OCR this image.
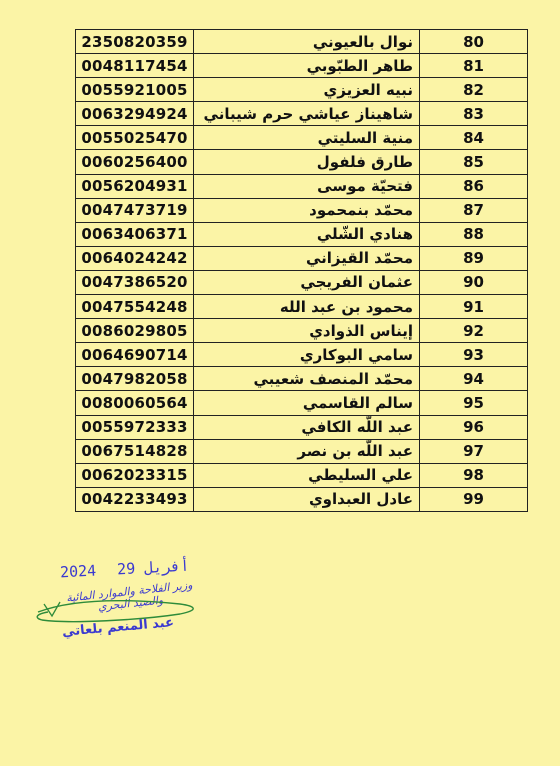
2350820359	نوال بالعيوني	80
0048117454	طاهر الطبّوبي	81
0055921005	نبيه العزيزي	82
0063294924	شاهيناز عياشي حرم شيباني	83
0055025470	منية السليتي	84
0060256400	طارق فلفول	85
0056204931	فتحيّة موسى	86
0047473719	محمّد بنمحمود	87
0063406371	هنادي الشّلي	88
0064024242	محمّد القيزاني	89
0047386520	عثمان الفريجي	90
0047554248	محمود بن عبد الله	91
0086029805	إيناس الذوادي	92
0064690714	سامي البوكاري	93
0047982058	محمّد المنصف شعيبي	94
0080060564	سالم القاسمي	95
0055972333	عبد اللّه الكافي	96
0067514828	عبد اللّه بن نصر	97
0062023315	علي السليطي	98
0042233493	عادل العبداوي	99
2024	أفريل 29
وزير الفلاحة والموارد المائية والصيد البحري
عبد المنعم بلعاتي
